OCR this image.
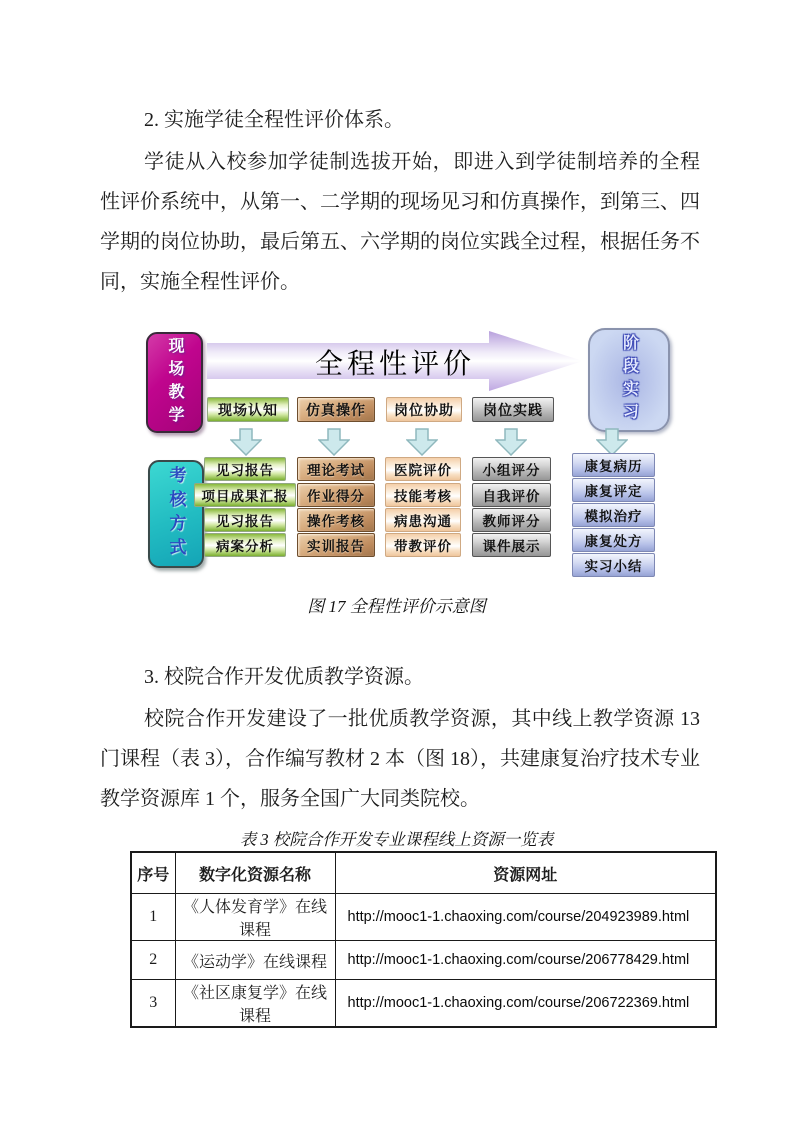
2. 实施学徒全程性评价体系。
学徒从入校参加学徒制选拔开始，即进入到学徒制培养的全程性评价系统中，从第一、二学期的现场见习和仿真操作，到第三、四学期的岗位协助，最后第五、六学期的岗位实践全过程，根据任务不同，实施全程性评价。
现场教学	全程性评价	阶段实习
现场认知	仿真操作	岗位协助	岗位实践
考核方式	见习报告
项目成果汇报
见习报告
病案分析
理论考试
作业得分
操作考核
实训报告
医院评价
技能考核
病患沟通
带教评价
小组评分
自我评价
教师评分
课件展示
康复病历
康复评定
模拟治疗
康复处方
实习小结
图 17 全程性评价示意图
3. 校院合作开发优质教学资源。
校院合作开发建设了一批优质教学资源，其中线上教学资源 13 门课程（表 3），合作编写教材 2 本（图 18），共建康复治疗技术专业教学资源库 1 个，服务全国广大同类院校。
表 3 校院合作开发专业课程线上资源一览表
序号	数字化资源名称	资源网址
1	《人体发育学》在线课程	http://mooc1-1.chaoxing.com/course/204923989.html
2	《运动学》在线课程	http://mooc1-1.chaoxing.com/course/206778429.html
3	《社区康复学》在线课程	http://mooc1-1.chaoxing.com/course/206722369.html
